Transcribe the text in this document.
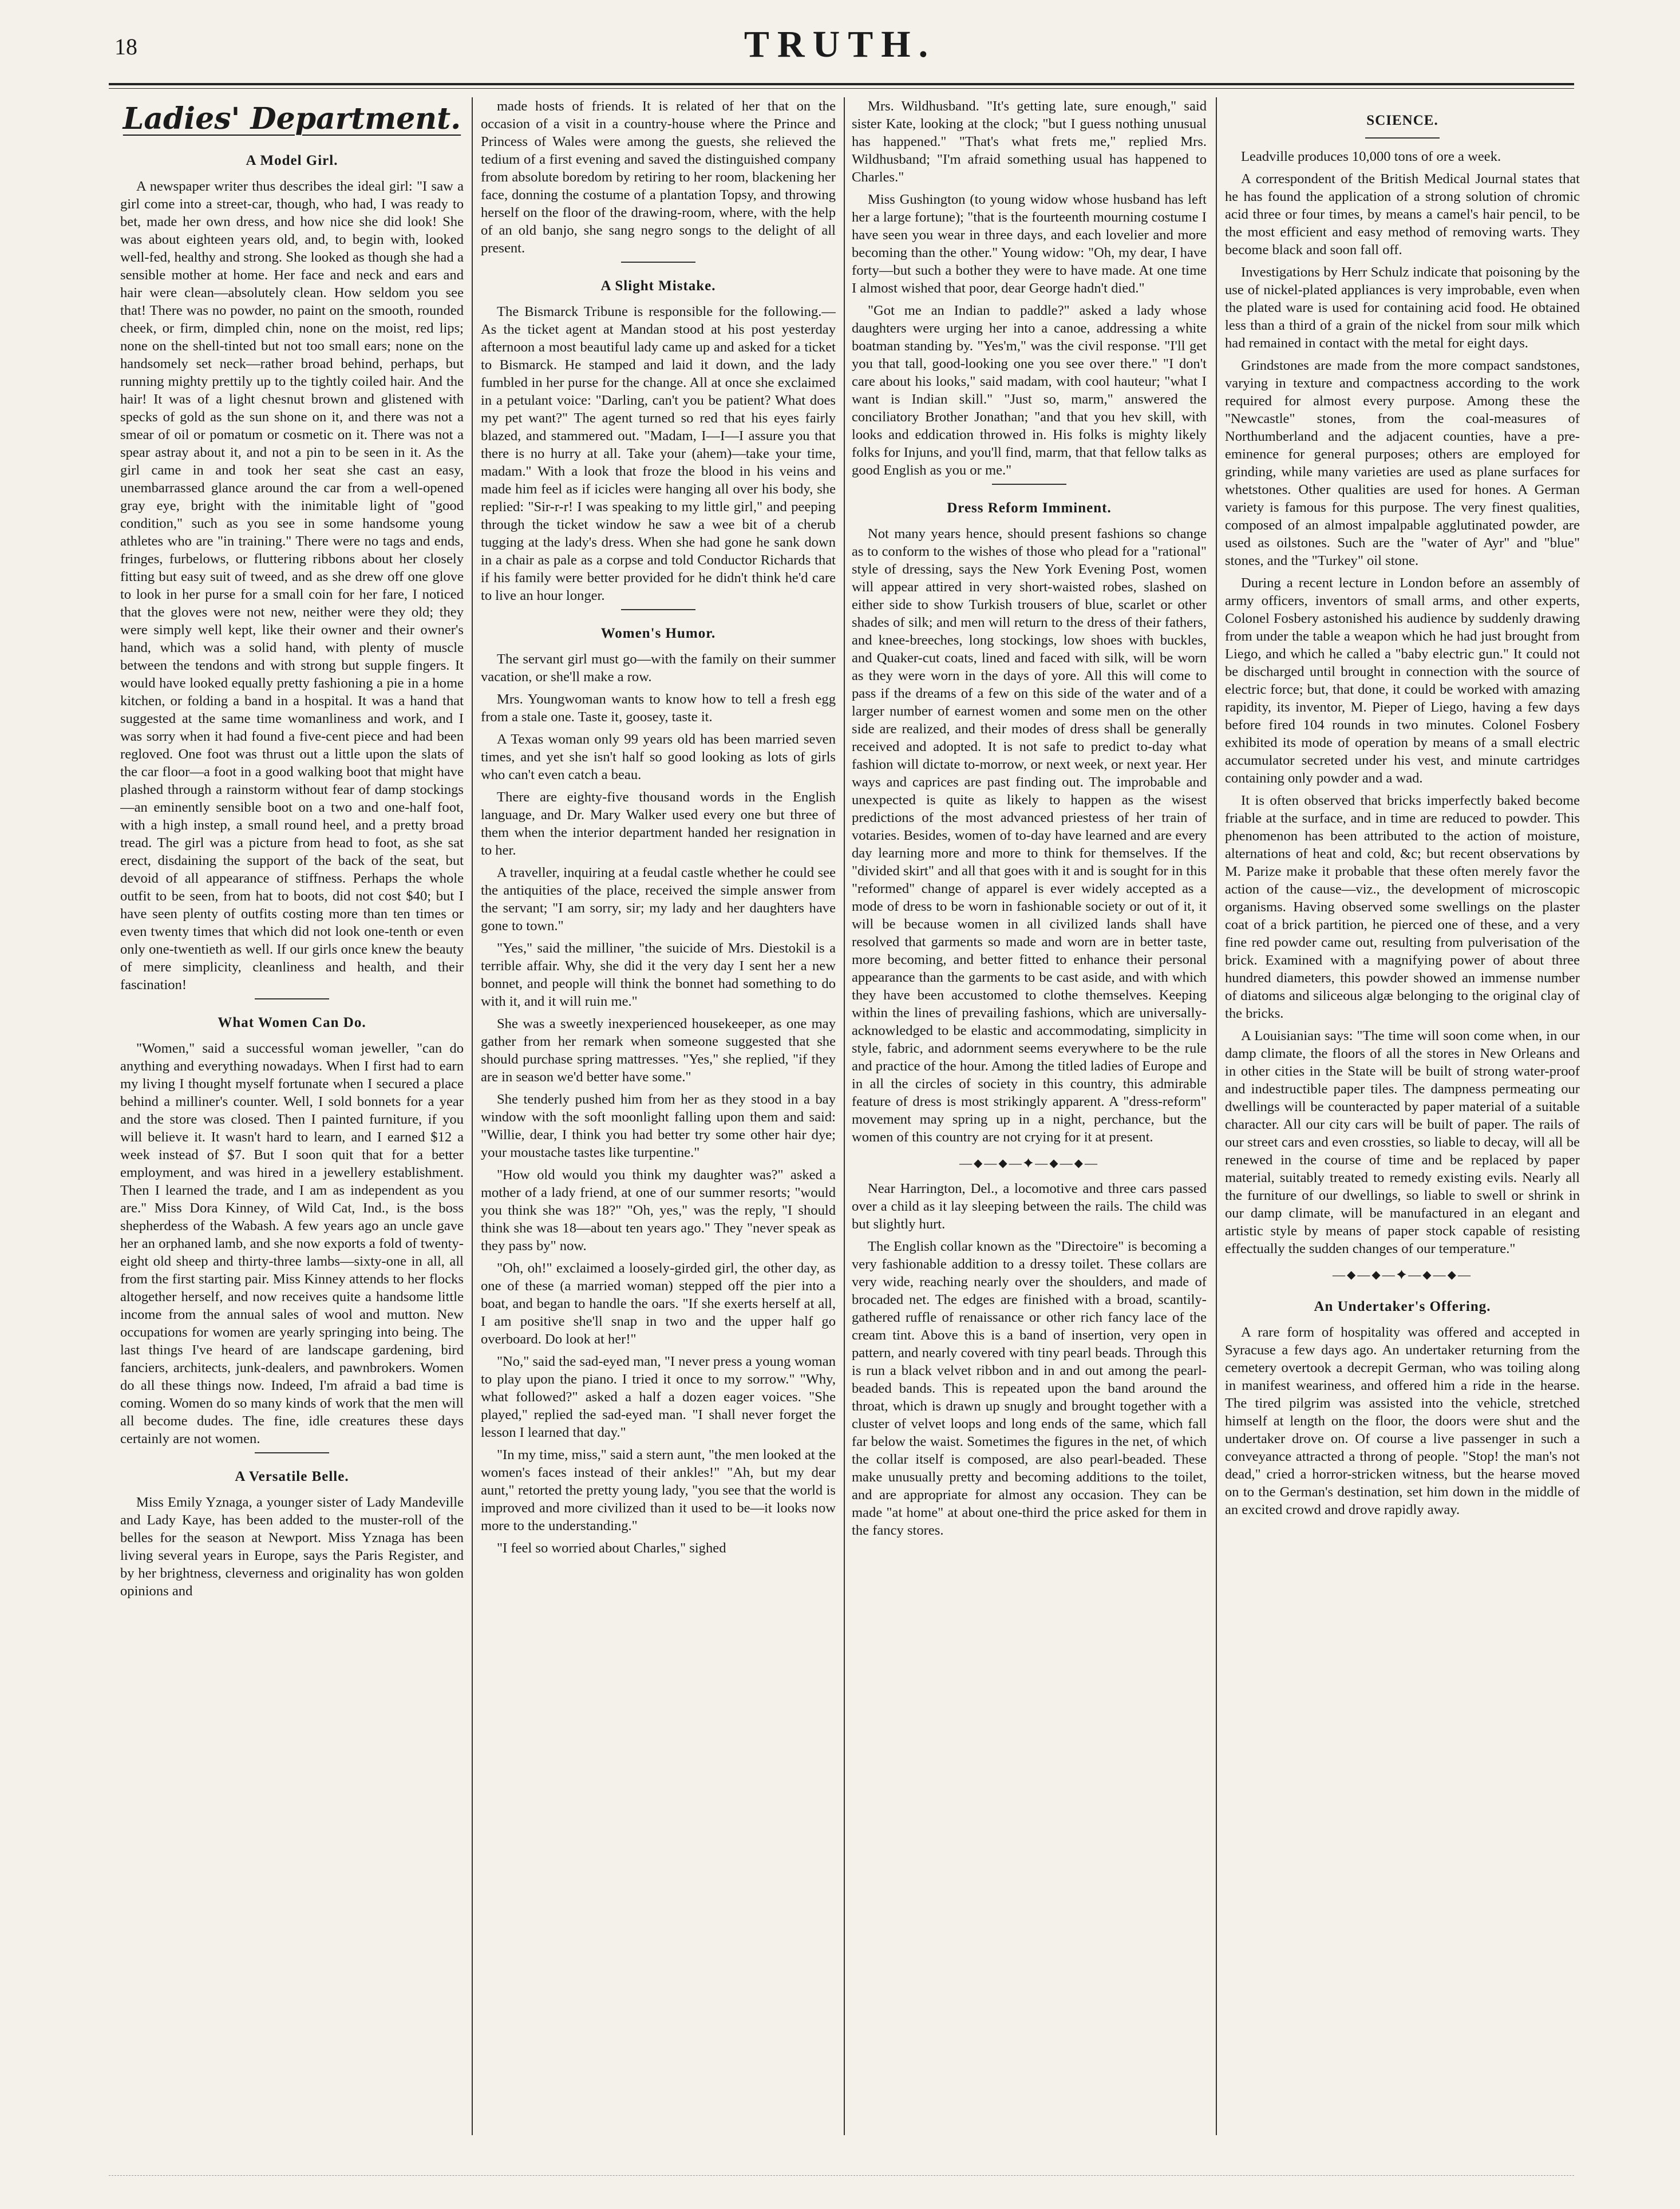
18	TRUTH.
Ladies' Department.
A Model Girl.

A newspaper writer thus describes the ideal girl: "I saw a girl come into a street-car, though, who had, I was ready to bet, made her own dress, and how nice she did look! She was about eighteen years old, and, to begin with, looked well-fed, healthy and strong. She looked as though she had a sensible mother at home. Her face and neck and ears and hair were clean—absolutely clean. How seldom you see that! There was no powder, no paint on the smooth, rounded cheek, or firm, dimpled chin, none on the moist, red lips; none on the shell-tinted but not too small ears; none on the handsomely set neck—rather broad behind, perhaps, but running mighty prettily up to the tightly coiled hair. And the hair! It was of a light chesnut brown and glistened with specks of gold as the sun shone on it, and there was not a smear of oil or pomatum or cosmetic on it. There was not a spear astray about it, and not a pin to be seen in it. As the girl came in and took her seat she cast an easy, unembarrassed glance around the car from a well-opened gray eye, bright with the inimitable light of "good condition," such as you see in some handsome young athletes who are "in training." There were no tags and ends, fringes, furbelows, or fluttering ribbons about her closely fitting but easy suit of tweed, and as she drew off one glove to look in her purse for a small coin for her fare, I noticed that the gloves were not new, neither were they old; they were simply well kept, like their owner and their owner's hand, which was a solid hand, with plenty of muscle between the tendons and with strong but supple fingers. It would have looked equally pretty fashioning a pie in a home kitchen, or folding a band in a hospital. It was a hand that suggested at the same time womanliness and work, and I was sorry when it had found a five-cent piece and had been regloved. One foot was thrust out a little upon the slats of the car floor—a foot in a good walking boot that might have plashed through a rainstorm without fear of damp stockings—an eminently sensible boot on a two and one-half foot, with a high instep, a small round heel, and a pretty broad tread. The girl was a picture from head to foot, as she sat erect, disdaining the support of the back of the seat, but devoid of all appearance of stiffness. Perhaps the whole outfit to be seen, from hat to boots, did not cost $40; but I have seen plenty of outfits costing more than ten times or even twenty times that which did not look one-tenth or even only one-twentieth as well. If our girls once knew the beauty of mere simplicity, cleanliness and health, and their fascination!

What Women Can Do.

"Women," said a successful woman jeweller, "can do anything and everything nowadays. When I first had to earn my living I thought myself fortunate when I secured a place behind a milliner's counter. Well, I sold bonnets for a year and the store was closed. Then I painted furniture, if you will believe it. It wasn't hard to learn, and I earned $12 a week instead of $7. But I soon quit that for a better employment, and was hired in a jewellery establishment. Then I learned the trade, and I am as independent as you are." Miss Dora Kinney, of Wild Cat, Ind., is the boss shepherdess of the Wabash. A few years ago an uncle gave her an orphaned lamb, and she now exports a fold of twenty-eight old sheep and thirty-three lambs—sixty-one in all, all from the first starting pair. Miss Kinney attends to her flocks altogether herself, and now receives quite a handsome little income from the annual sales of wool and mutton. New occupations for women are yearly springing into being. The last things I've heard of are landscape gardening, bird fanciers, architects, junk-dealers, and pawnbrokers. Women do all these things now. Indeed, I'm afraid a bad time is coming. Women do so many kinds of work that the men will all become dudes. The fine, idle creatures these days certainly are not women.

A Versatile Belle.

Miss Emily Yznaga, a younger sister of Lady Mandeville and Lady Kaye, has been added to the muster-roll of the belles for the season at Newport. Miss Yznaga has been living several years in Europe, says the Paris Register, and by her brightness, cleverness and originality has won golden opinions and

made hosts of friends. It is related of her that on the occasion of a visit in a country-house where the Prince and Princess of Wales were among the guests, she relieved the tedium of a first evening and saved the distinguished company from absolute boredom by retiring to her room, blackening her face, donning the costume of a plantation Topsy, and throwing herself on the floor of the drawing-room, where, with the help of an old banjo, she sang negro songs to the delight of all present.

A Slight Mistake.

The Bismarck Tribune is responsible for the following.—As the ticket agent at Mandan stood at his post yesterday afternoon a most beautiful lady came up and asked for a ticket to Bismarck. He stamped and laid it down, and the lady fumbled in her purse for the change. All at once she exclaimed in a petulant voice: "Darling, can't you be patient? What does my pet want?" The agent turned so red that his eyes fairly blazed, and stammered out. "Madam, I—I—I assure you that there is no hurry at all. Take your (ahem)—take your time, madam." With a look that froze the blood in his veins and made him feel as if icicles were hanging all over his body, she replied: "Sir-r-r! I was speaking to my little girl," and peeping through the ticket window he saw a wee bit of a cherub tugging at the lady's dress. When she had gone he sank down in a chair as pale as a corpse and told Conductor Richards that if his family were better provided for he didn't think he'd care to live an hour longer.

Women's Humor.

The servant girl must go—with the family on their summer vacation, or she'll make a row.

Mrs. Youngwoman wants to know how to tell a fresh egg from a stale one. Taste it, goosey, taste it.

A Texas woman only 99 years old has been married seven times, and yet she isn't half so good looking as lots of girls who can't even catch a beau.

There are eighty-five thousand words in the English language, and Dr. Mary Walker used every one but three of them when the interior department handed her resignation in to her.

A traveller, inquiring at a feudal castle whether he could see the antiquities of the place, received the simple answer from the servant; "I am sorry, sir; my lady and her daughters have gone to town."

"Yes," said the milliner, "the suicide of Mrs. Diestokil is a terrible affair. Why, she did it the very day I sent her a new bonnet, and people will think the bonnet had something to do with it, and it will ruin me."

She was a sweetly inexperienced housekeeper, as one may gather from her remark when someone suggested that she should purchase spring mattresses. "Yes," she replied, "if they are in season we'd better have some."

She tenderly pushed him from her as they stood in a bay window with the soft moonlight falling upon them and said: "Willie, dear, I think you had better try some other hair dye; your moustache tastes like turpentine."

"How old would you think my daughter was?" asked a mother of a lady friend, at one of our summer resorts; "would you think she was 18?" "Oh, yes," was the reply, "I should think she was 18—about ten years ago." They "never speak as they pass by" now.

"Oh, oh!" exclaimed a loosely-girded girl, the other day, as one of these (a married woman) stepped off the pier into a boat, and began to handle the oars. "If she exerts herself at all, I am positive she'll snap in two and the upper half go overboard. Do look at her!"

"No," said the sad-eyed man, "I never press a young woman to play upon the piano. I tried it once to my sorrow." "Why, what followed?" asked a half a dozen eager voices. "She played," replied the sad-eyed man. "I shall never forget the lesson I learned that day."

"In my time, miss," said a stern aunt, "the men looked at the women's faces instead of their ankles!" "Ah, but my dear aunt," retorted the pretty young lady, "you see that the world is improved and more civilized than it used to be—it looks now more to the understanding."

"I feel so worried about Charles," sighed

Mrs. Wildhusband. "It's getting late, sure enough," said sister Kate, looking at the clock; "but I guess nothing unusual has happened." "That's what frets me," replied Mrs. Wildhusband; "I'm afraid something usual has happened to Charles."

Miss Gushington (to young widow whose husband has left her a large fortune); "that is the fourteenth mourning costume I have seen you wear in three days, and each lovelier and more becoming than the other." Young widow: "Oh, my dear, I have forty—but such a bother they were to have made. At one time I almost wished that poor, dear George hadn't died."

"Got me an Indian to paddle?" asked a lady whose daughters were urging her into a canoe, addressing a white boatman standing by. "Yes'm," was the civil response. "I'll get you that tall, good-looking one you see over there." "I don't care about his looks," said madam, with cool hauteur; "what I want is Indian skill." "Just so, marm," answered the conciliatory Brother Jonathan; "and that you hev skill, with looks and eddication throwed in. His folks is mighty likely folks for Injuns, and you'll find, marm, that that fellow talks as good English as you or me."

Dress Reform Imminent.

Not many years hence, should present fashions so change as to conform to the wishes of those who plead for a "rational" style of dressing, says the New York Evening Post, women will appear attired in very short-waisted robes, slashed on either side to show Turkish trousers of blue, scarlet or other shades of silk; and men will return to the dress of their fathers, and knee-breeches, long stockings, low shoes with buckles, and Quaker-cut coats, lined and faced with silk, will be worn as they were worn in the days of yore. All this will come to pass if the dreams of a few on this side of the water and of a larger number of earnest women and some men on the other side are realized, and their modes of dress shall be generally received and adopted. It is not safe to predict to-day what fashion will dictate to-morrow, or next week, or next year. Her ways and caprices are past finding out. The improbable and unexpected is quite as likely to happen as the wisest predictions of the most advanced priestess of her train of votaries. Besides, women of to-day have learned and are every day learning more and more to think for themselves. If the "divided skirt" and all that goes with it and is sought for in this "reformed" change of apparel is ever widely accepted as a mode of dress to be worn in fashionable society or out of it, it will be because women in all civilized lands shall have resolved that garments so made and worn are in better taste, more becoming, and better fitted to enhance their personal appearance than the garments to be cast aside, and with which they have been accustomed to clothe themselves. Keeping within the lines of prevailing fashions, which are universally-acknowledged to be elastic and accommodating, simplicity in style, fabric, and adornment seems everywhere to be the rule and practice of the hour. Among the titled ladies of Europe and in all the circles of society in this country, this admirable feature of dress is most strikingly apparent. A "dress-reform" movement may spring up in a night, perchance, but the women of this country are not crying for it at present.

—⬥—⬥—✦—⬥—⬥—

Near Harrington, Del., a locomotive and three cars passed over a child as it lay sleeping between the rails. The child was but slightly hurt.

The English collar known as the "Directoire" is becoming a very fashionable addition to a dressy toilet. These collars are very wide, reaching nearly over the shoulders, and made of brocaded net. The edges are finished with a broad, scantily-gathered ruffle of renaissance or other rich fancy lace of the cream tint. Above this is a band of insertion, very open in pattern, and nearly covered with tiny pearl beads. Through this is run a black velvet ribbon and in and out among the pearl-beaded bands. This is repeated upon the band around the throat, which is drawn up snugly and brought together with a cluster of velvet loops and long ends of the same, which fall far below the waist. Sometimes the figures in the net, of which the collar itself is composed, are also pearl-beaded. These make unusually pretty and becoming additions to the toilet, and are appropriate for almost any occasion. They can be made "at home" at about one-third the price asked for them in the fancy stores.

SCIENCE.

Leadville produces 10,000 tons of ore a week.

A correspondent of the British Medical Journal states that he has found the application of a strong solution of chromic acid three or four times, by means a camel's hair pencil, to be the most efficient and easy method of removing warts. They become black and soon fall off.

Investigations by Herr Schulz indicate that poisoning by the use of nickel-plated appliances is very improbable, even when the plated ware is used for containing acid food. He obtained less than a third of a grain of the nickel from sour milk which had remained in contact with the metal for eight days.

Grindstones are made from the more compact sandstones, varying in texture and compactness according to the work required for almost every purpose. Among these the "Newcastle" stones, from the coal-measures of Northumberland and the adjacent counties, have a pre-eminence for general purposes; others are employed for grinding, while many varieties are used as plane surfaces for whetstones. Other qualities are used for hones. A German variety is famous for this purpose. The very finest qualities, composed of an almost impalpable agglutinated powder, are used as oilstones. Such are the "water of Ayr" and "blue" stones, and the "Turkey" oil stone.

During a recent lecture in London before an assembly of army officers, inventors of small arms, and other experts, Colonel Fosbery astonished his audience by suddenly drawing from under the table a weapon which he had just brought from Liego, and which he called a "baby electric gun." It could not be discharged until brought in connection with the source of electric force; but, that done, it could be worked with amazing rapidity, its inventor, M. Pieper of Liego, having a few days before fired 104 rounds in two minutes. Colonel Fosbery exhibited its mode of operation by means of a small electric accumulator secreted under his vest, and minute cartridges containing only powder and a wad.

It is often observed that bricks imperfectly baked become friable at the surface, and in time are reduced to powder. This phenomenon has been attributed to the action of moisture, alternations of heat and cold, &c; but recent observations by M. Parize make it probable that these often merely favor the action of the cause—viz., the development of microscopic organisms. Having observed some swellings on the plaster coat of a brick partition, he pierced one of these, and a very fine red powder came out, resulting from pulverisation of the brick. Examined with a magnifying power of about three hundred diameters, this powder showed an immense number of diatoms and siliceous algæ belonging to the original clay of the bricks.

A Louisianian says: "The time will soon come when, in our damp climate, the floors of all the stores in New Orleans and in other cities in the State will be built of strong water-proof and indestructible paper tiles. The dampness permeating our dwellings will be counteracted by paper material of a suitable character. All our city cars will be built of paper. The rails of our street cars and even crossties, so liable to decay, will all be renewed in the course of time and be replaced by paper material, suitably treated to remedy existing evils. Nearly all the furniture of our dwellings, so liable to swell or shrink in our damp climate, will be manufactured in an elegant and artistic style by means of paper stock capable of resisting effectually the sudden changes of our temperature."

—⬥—⬥—✦—⬥—⬥—
An Undertaker's Offering.

A rare form of hospitality was offered and accepted in Syracuse a few days ago. An undertaker returning from the cemetery overtook a decrepit German, who was toiling along in manifest weariness, and offered him a ride in the hearse. The tired pilgrim was assisted into the vehicle, stretched himself at length on the floor, the doors were shut and the undertaker drove on. Of course a live passenger in such a conveyance attracted a throng of people. "Stop! the man's not dead," cried a horror-stricken witness, but the hearse moved on to the German's destination, set him down in the middle of an excited crowd and drove rapidly away.
